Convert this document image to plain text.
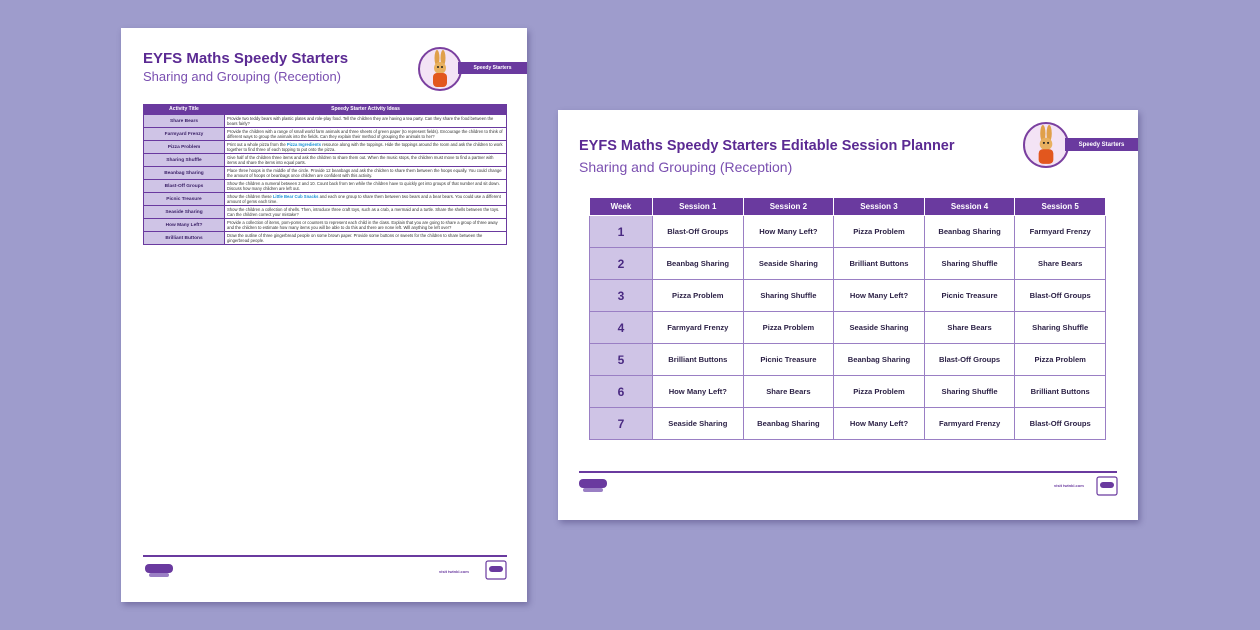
EYFS Maths Speedy Starters
Sharing and Grouping (Reception)
Speedy Starters
Activity Title	Speedy Starter Activity Ideas
Share Bears	Provide two teddy bears with plastic plates and role-play food. Tell the children they are having a tea party. Can they share the food between the bears fairly?
Farmyard Frenzy	Provide the children with a range of small world farm animals and three sheets of green paper (to represent fields). Encourage the children to think of different ways to group the animals into the fields. Can they explain their method of grouping the animals to her?
Pizza Problem	Print out a whole pizza from the Pizza Ingredients resource along with the toppings. Hide the toppings around the room and ask the children to work together to find three of each topping to put onto the pizza.
Sharing Shuffle	Give half of the children three items and ask the children to share them out. When the music stops, the children must move to find a partner with items and share the items into equal parts.
Beanbag Sharing	Place three hoops in the middle of the circle. Provide 12 beanbags and ask the children to share them between the hoops equally. You could change the amount of hoops or beanbags once children are confident with this activity.
Blast-Off Groups	Show the children a numeral between 2 and 10. Count back from ten while the children have to quickly get into groups of that number and sit down. Discuss how many children are left out.
Picnic Treasure	Show the children these Little Bear Cub Snacks and each one group to share them between two bears and a bear bears. You could use a different amount of gems each time.
Seaside Sharing	Show the children a collection of shells. Then, introduce three craft toys, such as a crab, a mermaid and a turtle. Share the shells between the toys. Can the children correct your mistake?
How Many Left?	Provide a collection of items, pom-poms or counters to represent each child in the class. Explain that you are going to share a group of three away and the children to estimate how many items you will be able to do this and there are none left. Will anything be left over?
Brilliant Buttons	Draw the outline of three gingerbread people on some brown paper. Provide some buttons or sweets for the children to share between the gingerbread people.
visit twinkl.com
EYFS Maths Speedy Starters Editable Session Planner
Sharing and Grouping (Reception)
Speedy Starters
Week	Session 1	Session 2	Session 3	Session 4	Session 5
1	Blast-Off Groups	How Many Left?	Pizza Problem	Beanbag Sharing	Farmyard Frenzy
2	Beanbag Sharing	Seaside Sharing	Brilliant Buttons	Sharing Shuffle	Share Bears
3	Pizza Problem	Sharing Shuffle	How Many Left?	Picnic Treasure	Blast-Off Groups
4	Farmyard Frenzy	Pizza Problem	Seaside Sharing	Share Bears	Sharing Shuffle
5	Brilliant Buttons	Picnic Treasure	Beanbag Sharing	Blast-Off Groups	Pizza Problem
6	How Many Left?	Share Bears	Pizza Problem	Sharing Shuffle	Brilliant Buttons
7	Seaside Sharing	Beanbag Sharing	How Many Left?	Farmyard Frenzy	Blast-Off Groups
visit twinkl.com
